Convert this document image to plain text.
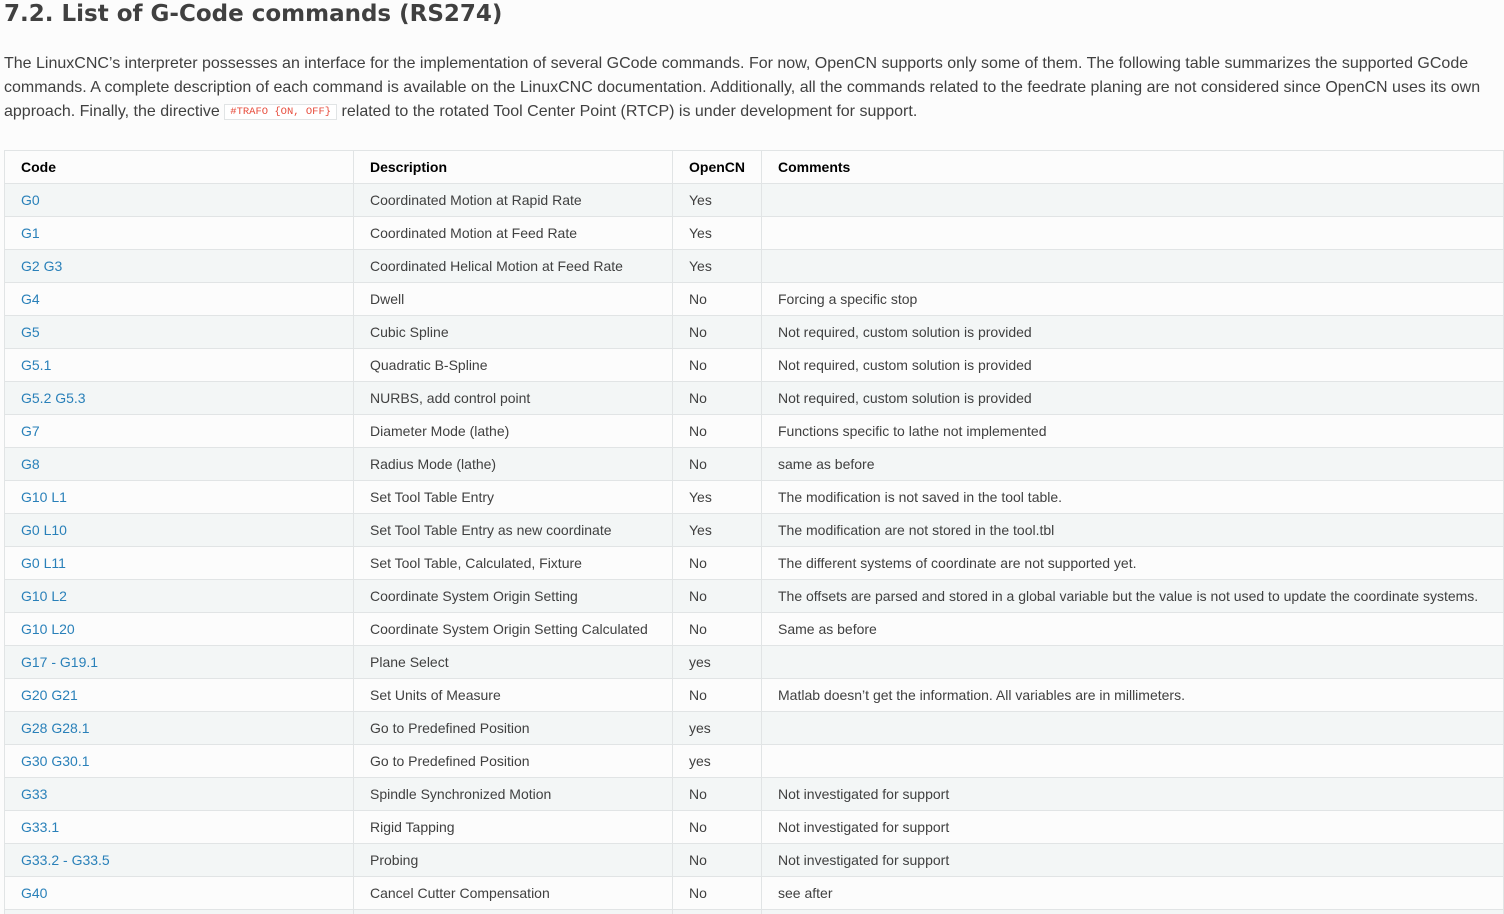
7.2. List of G-Code commands (RS274)

The LinuxCNC’s interpreter possesses an interface for the implementation of several GCode commands. For now, OpenCN supports only some of them. The following table summarizes the supported GCode commands. A complete description of each command is available on the LinuxCNC documentation. Additionally, all the commands related to the feedrate planing are not considered since OpenCN uses its own approach. Finally, the directive #TRAFO {ON, OFF} related to the rotated Tool Center Point (RTCP) is under development for support.

Code	Description	OpenCN	Comments
G0	Coordinated Motion at Rapid Rate	Yes	
G1	Coordinated Motion at Feed Rate	Yes	
G2 G3	Coordinated Helical Motion at Feed Rate	Yes	
G4	Dwell	No	Forcing a specific stop
G5	Cubic Spline	No	Not required, custom solution is provided
G5.1	Quadratic B-Spline	No	Not required, custom solution is provided
G5.2 G5.3	NURBS, add control point	No	Not required, custom solution is provided
G7	Diameter Mode (lathe)	No	Functions specific to lathe not implemented
G8	Radius Mode (lathe)	No	same as before
G10 L1	Set Tool Table Entry	Yes	The modification is not saved in the tool table.
G0 L10	Set Tool Table Entry as new coordinate	Yes	The modification are not stored in the tool.tbl
G0 L11	Set Tool Table, Calculated, Fixture	No	The different systems of coordinate are not supported yet.
G10 L2	Coordinate System Origin Setting	No	The offsets are parsed and stored in a global variable but the value is not used to update the coordinate systems.
G10 L20	Coordinate System Origin Setting Calculated	No	Same as before
G17 - G19.1	Plane Select	yes	
G20 G21	Set Units of Measure	No	Matlab doesn’t get the information. All variables are in millimeters.
G28 G28.1	Go to Predefined Position	yes	
G30 G30.1	Go to Predefined Position	yes	
G33	Spindle Synchronized Motion	No	Not investigated for support
G33.1	Rigid Tapping	No	Not investigated for support
G33.2 - G33.5	Probing	No	Not investigated for support
G40	Cancel Cutter Compensation	No	see after
